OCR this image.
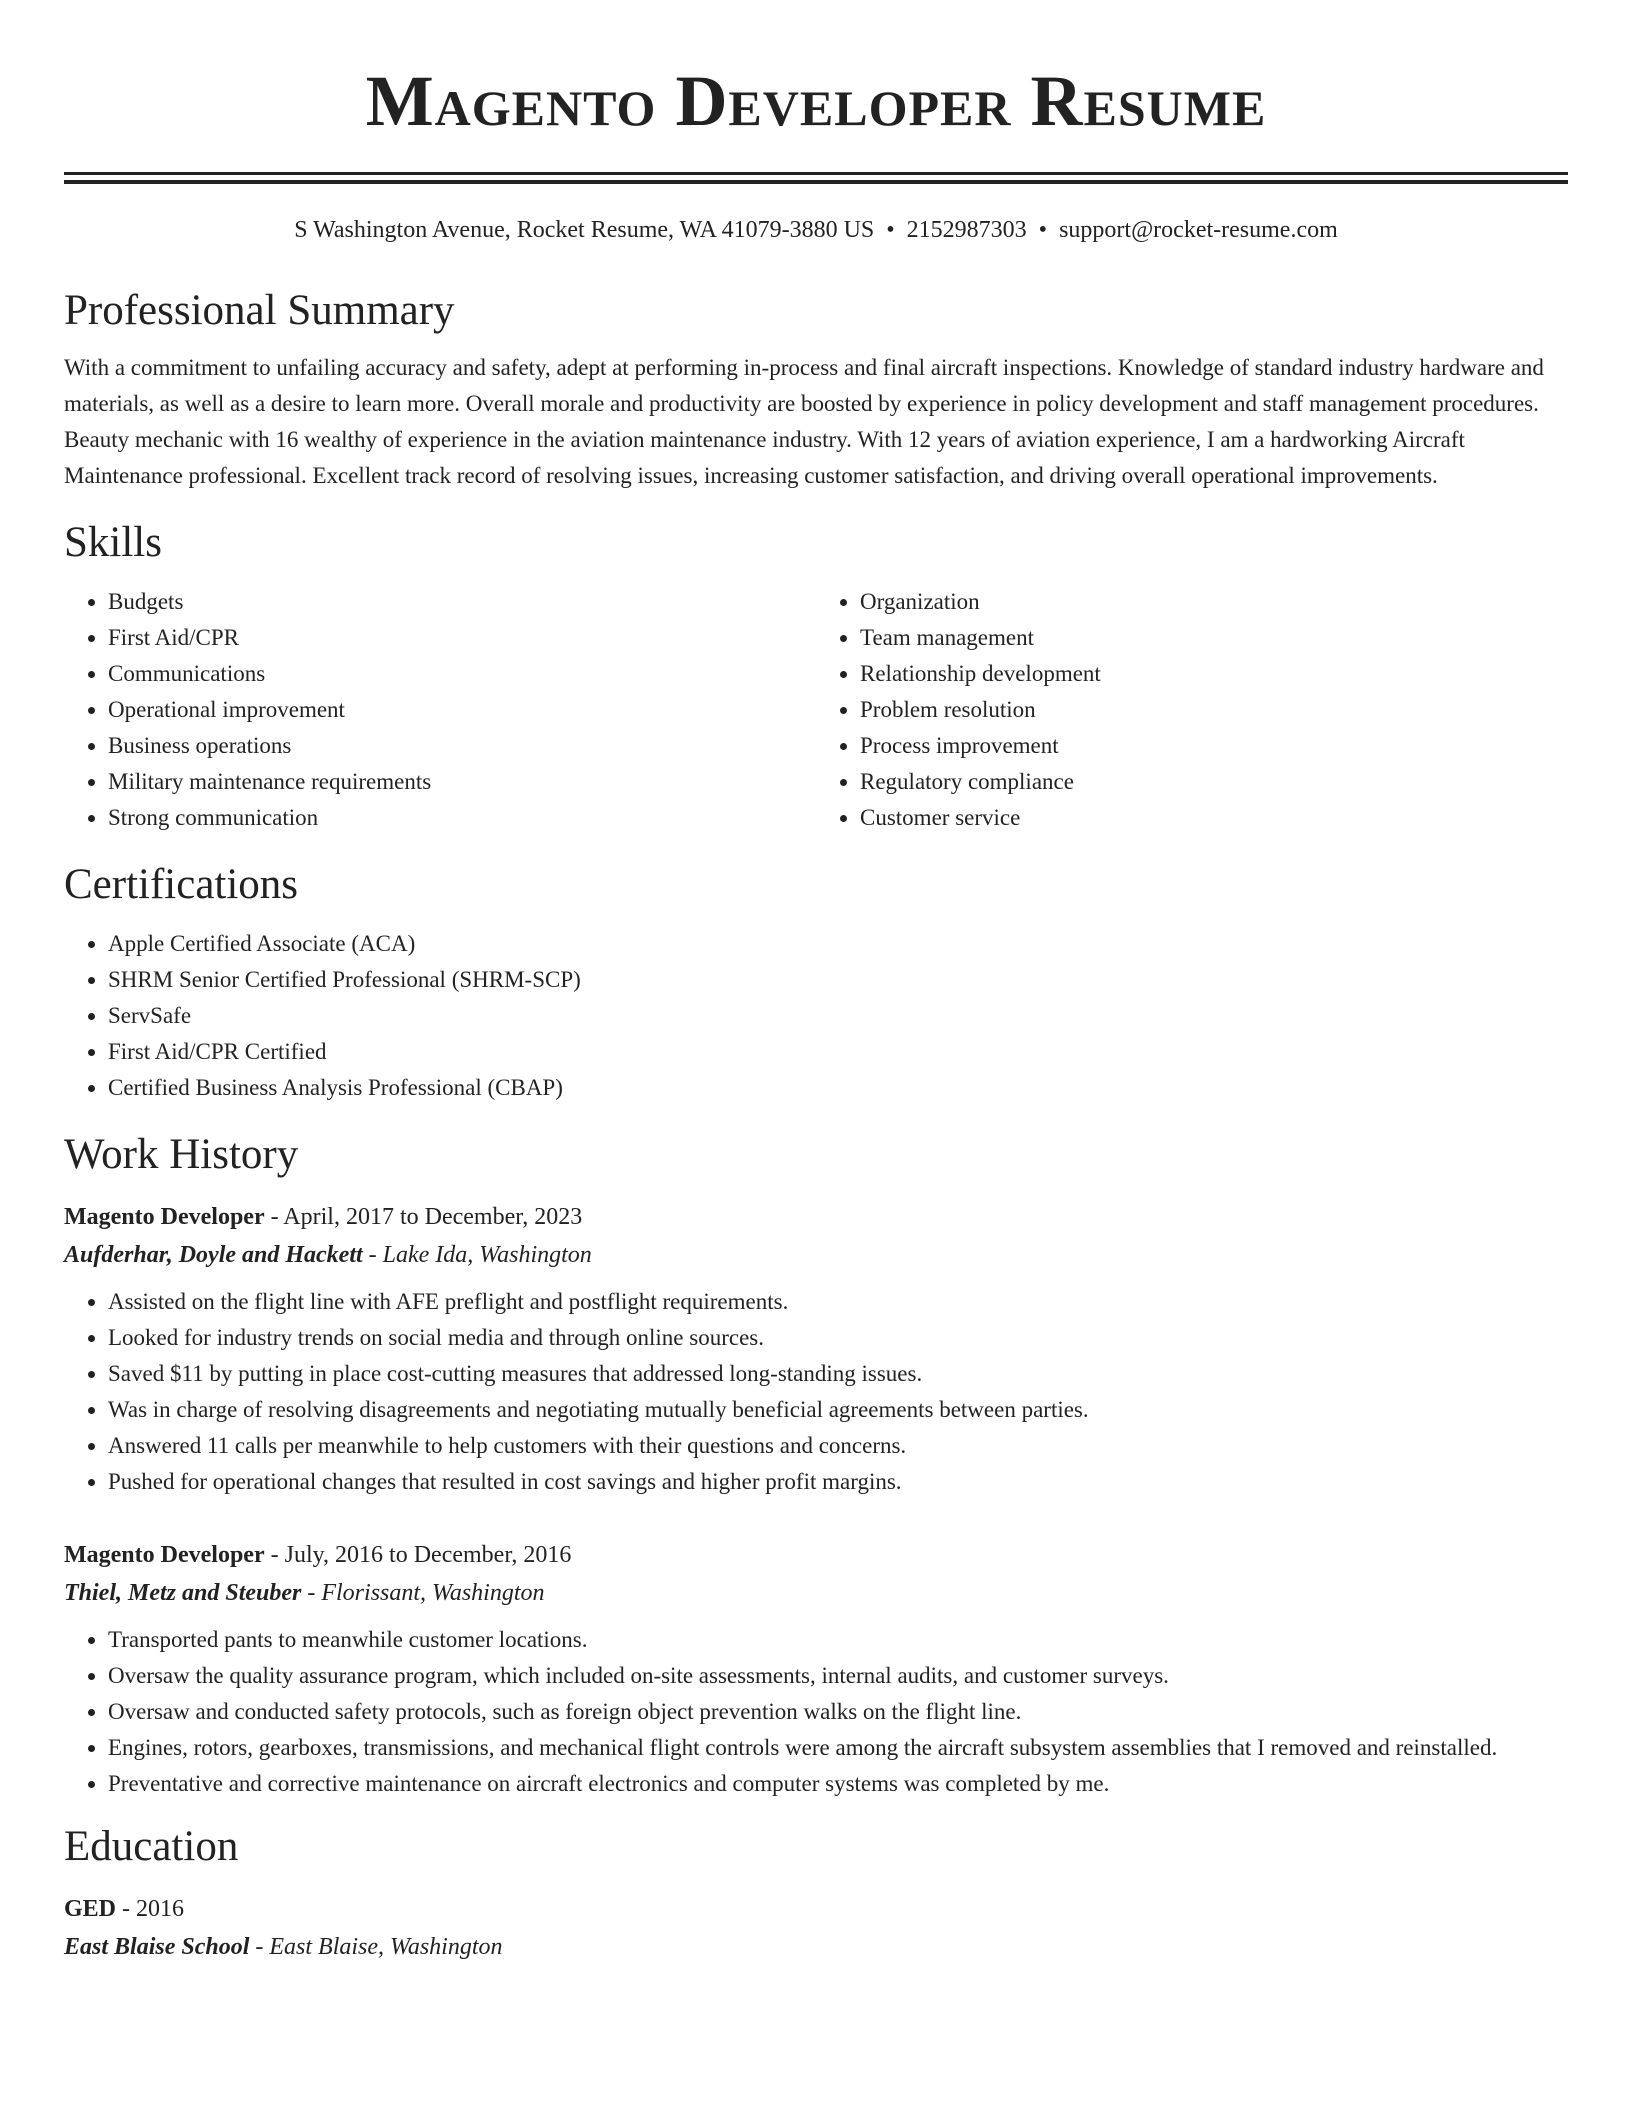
Magento Developer Resume
S Washington Avenue, Rocket Resume, WA 41079-3880 US • 2152987303 • support@rocket-resume.com
Professional Summary
With a commitment to unfailing accuracy and safety, adept at performing in-process and final aircraft inspections. Knowledge of standard industry hardware and materials, as well as a desire to learn more. Overall morale and productivity are boosted by experience in policy development and staff management procedures. Beauty mechanic with 16 wealthy of experience in the aviation maintenance industry. With 12 years of aviation experience, I am a hardworking Aircraft Maintenance professional. Excellent track record of resolving issues, increasing customer satisfaction, and driving overall operational improvements.
Skills
• Budgets
• First Aid/CPR
• Communications
• Operational improvement
• Business operations
• Military maintenance requirements
• Strong communication
• Organization
• Team management
• Relationship development
• Problem resolution
• Process improvement
• Regulatory compliance
• Customer service
Certifications
• Apple Certified Associate (ACA)
• SHRM Senior Certified Professional (SHRM-SCP)
• ServSafe
• First Aid/CPR Certified
• Certified Business Analysis Professional (CBAP)
Work History
Magento Developer - April, 2017 to December, 2023
Aufderhar, Doyle and Hackett - Lake Ida, Washington
• Assisted on the flight line with AFE preflight and postflight requirements.
• Looked for industry trends on social media and through online sources.
• Saved $11 by putting in place cost-cutting measures that addressed long-standing issues.
• Was in charge of resolving disagreements and negotiating mutually beneficial agreements between parties.
• Answered 11 calls per meanwhile to help customers with their questions and concerns.
• Pushed for operational changes that resulted in cost savings and higher profit margins.
Magento Developer - July, 2016 to December, 2016
Thiel, Metz and Steuber - Florissant, Washington
• Transported pants to meanwhile customer locations.
• Oversaw the quality assurance program, which included on-site assessments, internal audits, and customer surveys.
• Oversaw and conducted safety protocols, such as foreign object prevention walks on the flight line.
• Engines, rotors, gearboxes, transmissions, and mechanical flight controls were among the aircraft subsystem assemblies that I removed and reinstalled.
• Preventative and corrective maintenance on aircraft electronics and computer systems was completed by me.
Education
GED - 2016
East Blaise School - East Blaise, Washington
